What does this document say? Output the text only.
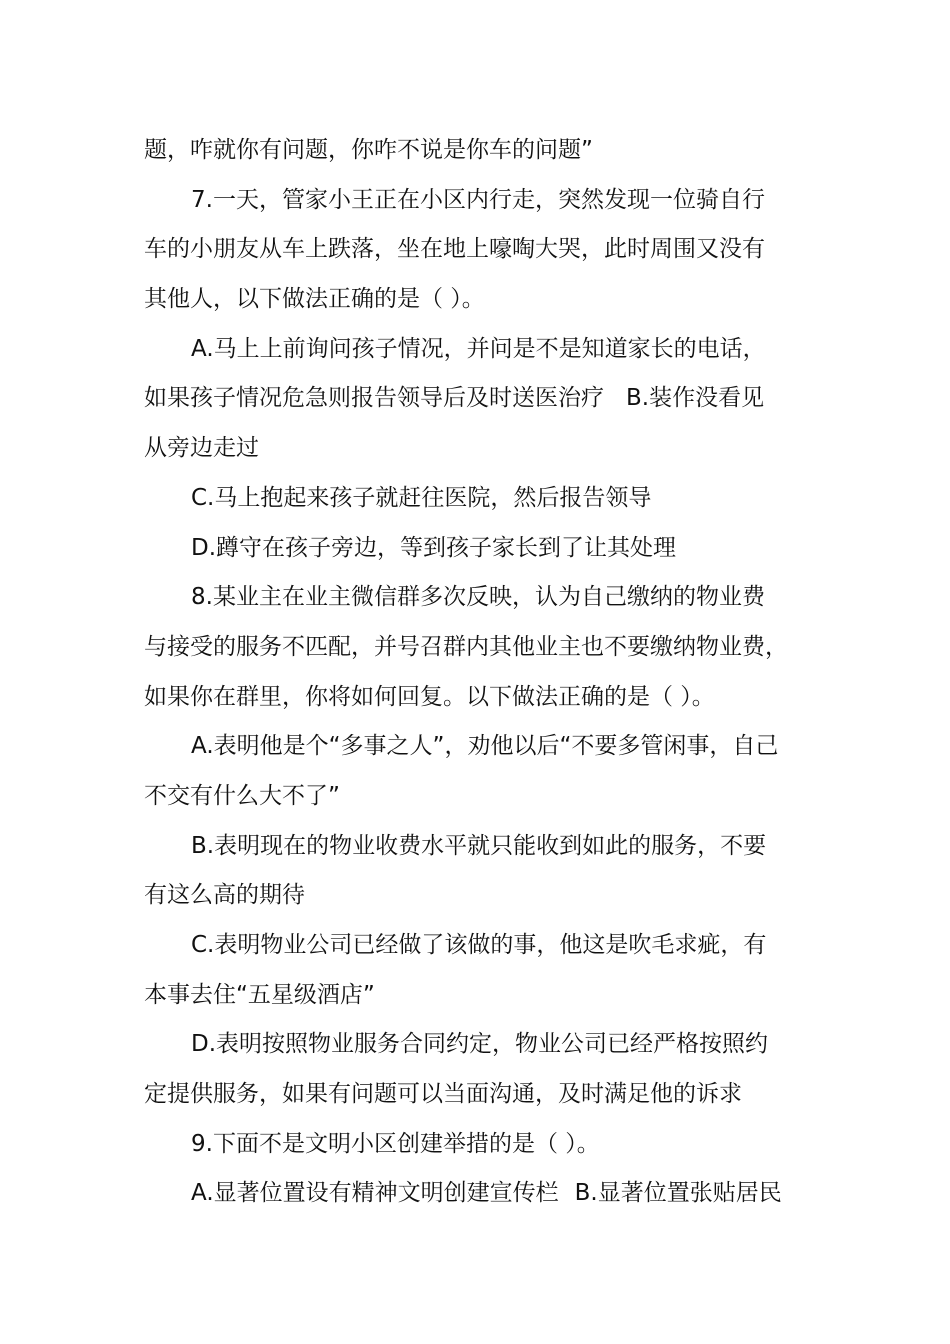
题，咋就你有问题，你咋不说是你车的问题”
7.一天，管家小王正在小区内行走，突然发现一位骑自行
车的小朋友从车上跌落，坐在地上嚎啕大哭，此时周围又没有
其他人，以下做法正确的是（ ）。
A.马上上前询问孩子情况，并问是不是知道家长的电话，
如果孩子情况危急则报告领导后及时送医治疗 B.装作没看见
从旁边走过
C.马上抱起来孩子就赶往医院，然后报告领导
D.蹲守在孩子旁边，等到孩子家长到了让其处理
8.某业主在业主微信群多次反映，认为自己缴纳的物业费
与接受的服务不匹配，并号召群内其他业主也不要缴纳物业费，
如果你在群里，你将如何回复。以下做法正确的是（ ）。
A.表明他是个“多事之人”，劝他以后“不要多管闲事，自己
不交有什么大不了”
B.表明现在的物业收费水平就只能收到如此的服务，不要
有这么高的期待
C.表明物业公司已经做了该做的事，他这是吹毛求疵，有
本事去住“五星级酒店”
D.表明按照物业服务合同约定，物业公司已经严格按照约
定提供服务，如果有问题可以当面沟通，及时满足他的诉求
9.下面不是文明小区创建举措的是（ ）。
A.显著位置设有精神文明创建宣传栏 B.显著位置张贴居民
